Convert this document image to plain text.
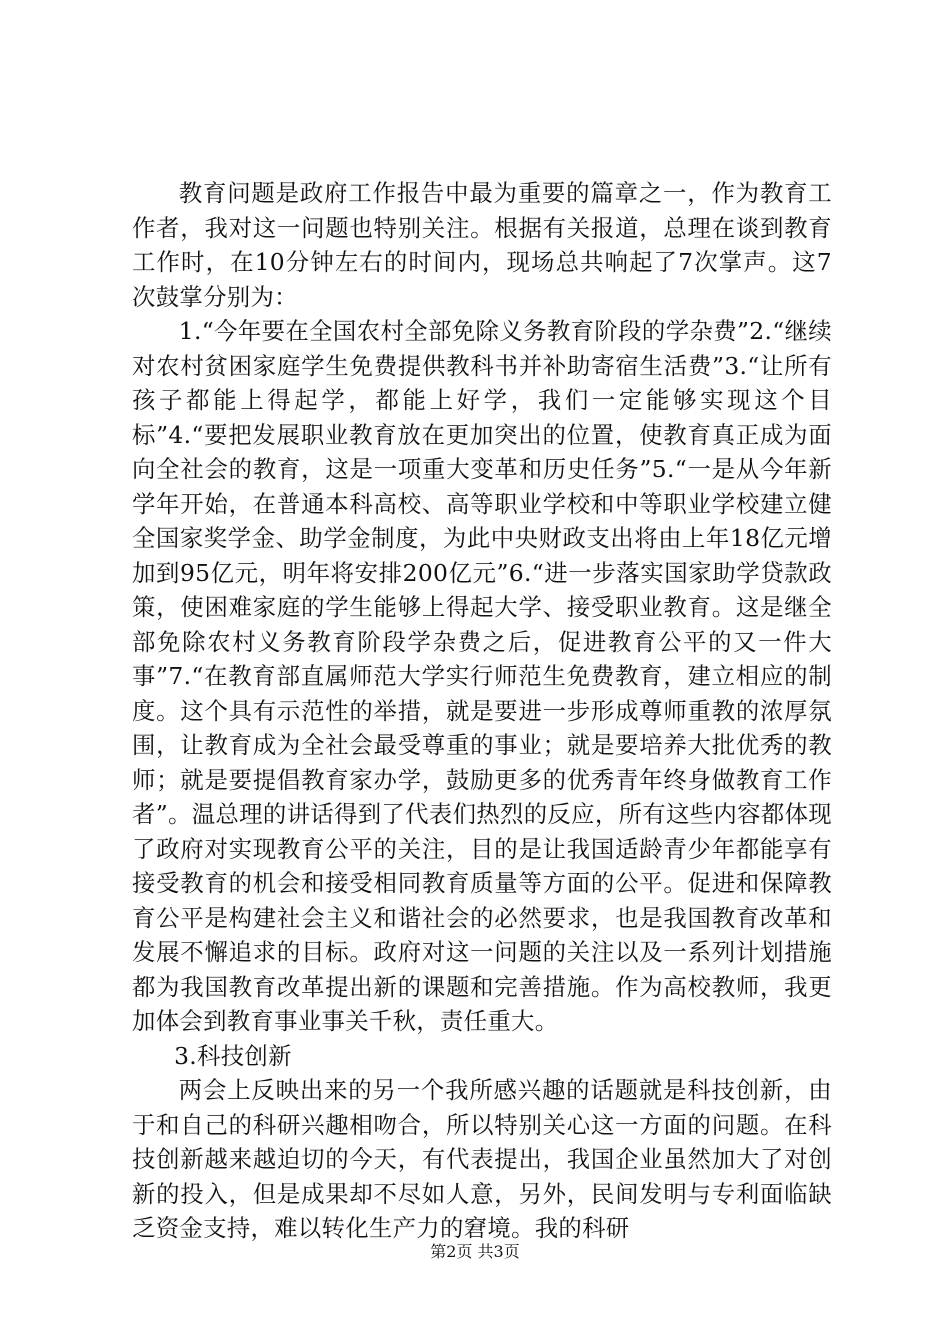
教育问题是政府工作报告中最为重要的篇章之一，作为教育工作者，我对这一问题也特别关注。根据有关报道，总理在谈到教育工作时，在10分钟左右的时间内，现场总共响起了7次掌声。这7次鼓掌分别为：

1.“今年要在全国农村全部免除义务教育阶段的学杂费”2.“继续对农村贫困家庭学生免费提供教科书并补助寄宿生活费”3.“让所有孩子都能上得起学，都能上好学，我们一定能够实现这个目标”4.“要把发展职业教育放在更加突出的位置，使教育真正成为面向全社会的教育，这是一项重大变革和历史任务”5.“一是从今年新学年开始，在普通本科高校、高等职业学校和中等职业学校建立健全国家奖学金、助学金制度，为此中央财政支出将由上年18亿元增加到95亿元，明年将安排200亿元”6.“进一步落实国家助学贷款政策，使困难家庭的学生能够上得起大学、接受职业教育。这是继全部免除农村义务教育阶段学杂费之后，促进教育公平的又一件大事”7.“在教育部直属师范大学实行师范生免费教育，建立相应的制度。这个具有示范性的举措，就是要进一步形成尊师重教的浓厚氛围，让教育成为全社会最受尊重的事业；就是要培养大批优秀的教师；就是要提倡教育家办学，鼓励更多的优秀青年终身做教育工作者”。温总理的讲话得到了代表们热烈的反应，所有这些内容都体现了政府对实现教育公平的关注，目的是让我国适龄青少年都能享有接受教育的机会和接受相同教育质量等方面的公平。促进和保障教育公平是构建社会主义和谐社会的必然要求，也是我国教育改革和发展不懈追求的目标。政府对这一问题的关注以及一系列计划措施都为我国教育改革提出新的课题和完善措施。作为高校教师，我更加体会到教育事业事关千秋，责任重大。

3.科技创新

两会上反映出来的另一个我所感兴趣的话题就是科技创新，由于和自己的科研兴趣相吻合，所以特别关心这一方面的问题。在科技创新越来越迫切的今天，有代表提出，我国企业虽然加大了对创新的投入，但是成果却不尽如人意，另外，民间发明与专利面临缺乏资金支持，难以转化生产力的窘境。我的科研

第2页 共3页
